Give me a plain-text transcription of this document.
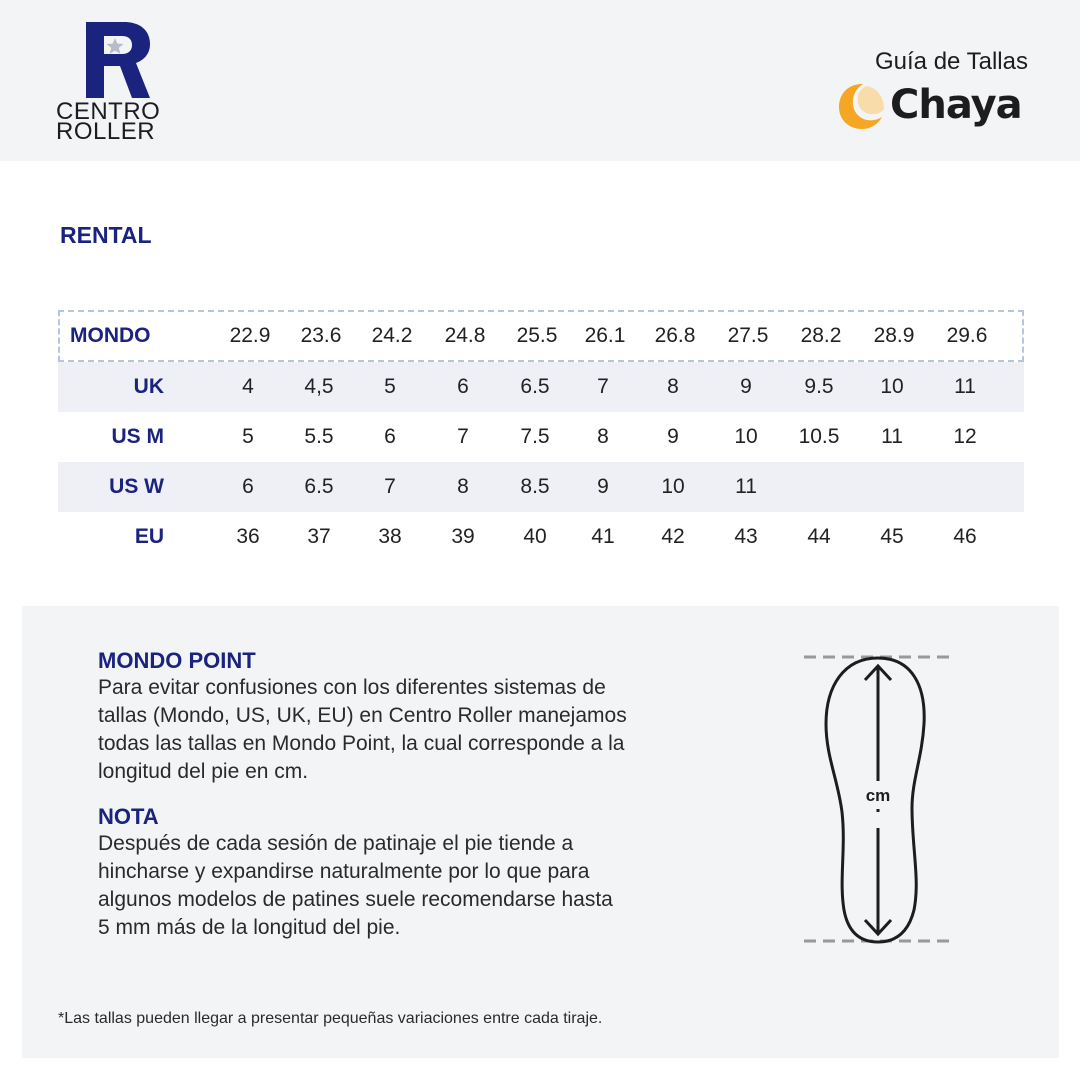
CENTRO
ROLLER
Guía de Tallas
Chaya
RENTAL
MONDO	22.9	23.6	24.2	24.8	25.5	26.1	26.8	27.5	28.2	28.9	29.6
UK	4	4,5	5	6	6.5	7	8	9	9.5	10	11
US M	5	5.5	6	7	7.5	8	9	10	10.5	11	12
US W	6	6.5	7	8	8.5	9	10	11
EU	36	37	38	39	40	41	42	43	44	45	46
MONDO POINT
Para evitar confusiones con los diferentes sistemas de
tallas (Mondo, US, UK, EU) en Centro Roller manejamos
todas las tallas en Mondo Point, la cual corresponde a la
longitud del pie en cm.
NOTA
Después de cada sesión de patinaje el pie tiende a
hincharse y expandirse naturalmente por lo que para
algunos modelos de patines suele recomendarse hasta
5 mm más de la longitud del pie.
cm
*Las tallas pueden llegar a presentar pequeñas variaciones entre cada tiraje.
